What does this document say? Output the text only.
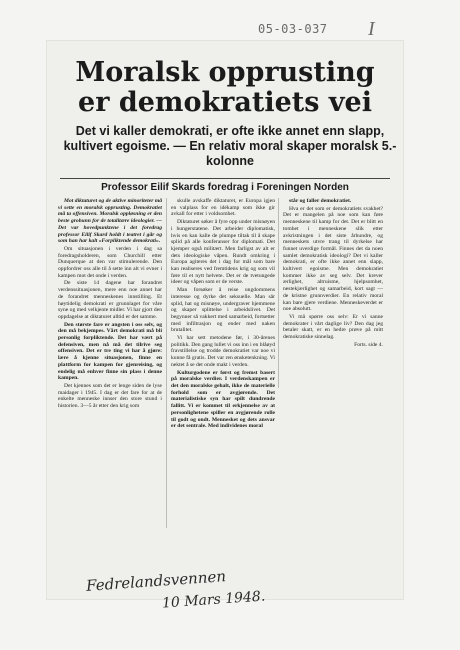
05-03-037 I
Moralsk opprusting
er demokratiets vei
Det vi kaller demokrati, er ofte ikke annet enn slapp, kultivert egoisme. — En relativ moral skaper moralsk 5.-kolonne
Professor Eilif Skards foredrag i Foreningen Norden

Mot diktaturet og de aktive minoriteter må vi sette en moralsk opprusting. Demokratiet må ta offensiven. Moralsk oppløsning er den beste grobunn for de totalitære ideologier. — Det var hovedpunktene i det foredrag professor Eilif Skard holdt i teatret i går og som han har kalt «Forpliktende demokrati».

Om situasjonen i verden i dag sa foredragsholderen, som Churchill etter Dunquerque at den var stimulerende. Den oppfordrer oss alle til å sette inn alt vi evner i kampen mot det onde i verden.

De siste 14 dagene har forandret verdenssituasjonen, mere enn noe annet har de forandret menneskenes innstilling. Et høytidelig demokrati er grunnlaget for våre syne og med velkjente midler. Vi har gjort den oppdagelse at diktaturet alltid er det samme.

Den største fare er angsten i oss selv, og den må bekjempes. Vårt demokrati må bli personlig forpliktende. Det har vært på defensiven, men nå må det tilrive seg offensiven. Det er tre ting vi har å gjøre: lære å kjenne situasjonen, finne en plattform for kampen for gjenreising, og endelig må enhver finne sin plass i denne kampen.

Det kjennes som det er lenge siden de lyse maidager i 1945. I dag er det fare for at de enkelte menneske innser den store stund i historien. 3—5 år etter den krig som

skulle avskaffe diktaturet, er Europa igjen en valplass for en idékamp som ikke gir avkall for etter i voldsomhet.

Diktaturet søker å fyre opp under misnøyen i hungerstatene. Det arbeider diplomatisk, hvis en kan kalle de plumpe tiltak til å skape splid på alle konferanser for diplomati. Det kjemper også militært. Men farligst av alt er dets ideologiske våpen. Rundt omkring i Europa agiteres det i dag for mål som bare kan realiseres ved fremtidens krig og som vil føre til et nytt helvete. Det er de tvetungede ideer og våpen som er de verste.

Man forsøker å reise ungdommens interesse og dyrke det seksuelle. Man sår splid, hat og misnøye, undergraver hjemmene og skaper splittelse i arbeidslivet. Det begynner så vakkert med samarbeid, fortsetter med infiltrasjon og ender med naken brutalitet.

Vi har sett metodene før, i 30-årenes politikk. Den gang lullet vi oss inn i en blåøyd fravstillelse og trodde demokratiet var noe vi kunne få gratis. Det var ren ønsketenkning. Vi nektet å se det onde makt i verden.

Kulturgodene er først og fremst basert på moralske verdier. I verdenskampen er det den moralske gehalt, ikke de materielle forhold som er avgjørende. Det materialistiske syn har spilt dundrende fallitt. Vi er kommet til erkjennelse av at personlighetene spiller en avgjørende rolle til godt og ondt. Mennesket og dets ansvar er det sentrale. Med individenes moral

står og faller demokratiet.

Hva er det som er demokratiets svakhet? Det er mangelen på noe som kan føre menneskene til kamp for det. Det er blitt en tomhet i menneskene slik etter avkristningen i det siste århundre, og menneskets utvre trang til dyrkelse har funnet uverdige formål. Finnes det da noen samlet demokratisk ideologi? Det vi kaller demokrati, er ofte ikke annet enn slapp, kultivert egoisme. Men demokratiet kommer ikke av seg selv. Det krever ærlighet, altruisme, hjelpsomhet, nestekjærlighet og samarbeid, kort sagt — de kristne grunnverdier. En relativ moral kan bare gjere verdiene. Menneskeverdet er noe absolutt.

Vi må spørre oss selv: Er vi sanne demokrater i vårt daglige liv? Den dag jeg betaler skatt, er en hedre prøve på mitt demokratiske sinnelag.

Forts. side 4.

Fedrelandsvennen
10 Mars 1948.
